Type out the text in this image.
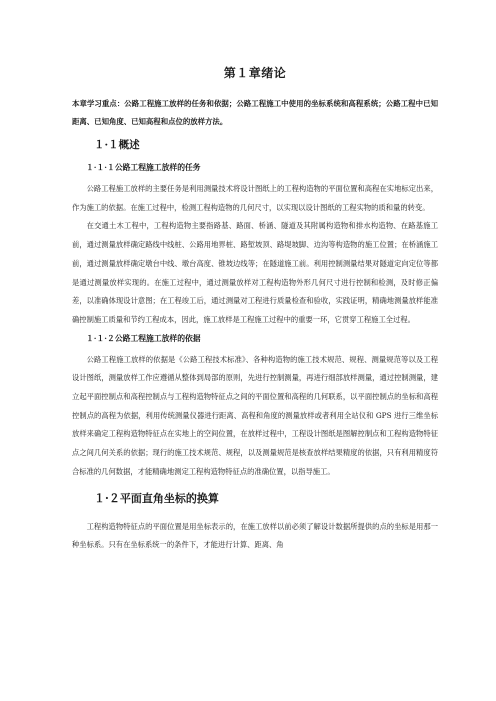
第１章绪论

本章学习重点：公路工程施工放样的任务和依据；公路工程施工中使用的坐标系统和高程系统；公路工程中已知距离、已知角度、已知高程和点位的放样方法。

１·１概述
１·１·１公路工程施工放样的任务

公路工程施工放样的主要任务是利用测量技术将设计图纸上的工程构造物的平面位置和高程在实地标定出来，作为施工的依据。在施工过程中，检测工程构造物的几何尺寸，以实现以设计图纸的工程实物的质和量的转变。

在交通土木工程中，工程构造物主要指路基、路面、桥涵、隧道及其附属构造物和排水构造物、在路基施工前，通过测量放样确定路线中线桩、公路用地界桩、路堑坡顶、路堤坡脚、边沟等构造物的施工位置；在桥涵施工前，通过测量放样确定墩台中线、墩台高度、锥坡边线等；在隧道施工前。利用控制测量结果对隧道定向定位等都是通过测量放样实现的。在施工过程中，通过测量放样对工程构造物外形几何尺寸进行控制和检测，及时修正偏差，以准确体现设计意图；在工程竣工后，通过测量对工程进行质量检查和验收，实践证明，精确地测量放样能准确控制施工质量和节约工程成本，因此，施工放样是工程施工过程中的重要一环，它贯穿工程施工全过程。

１·１·２公路工程施工放样的依据

公路工程施工放样的依据是《公路工程技术标准》、各种构造物的施工技术规范、规程、测量规范等以及工程设计图纸，测量放样工作应遵循从整体到局部的原则，先进行控制测量，再进行细部放样测量，通过控制测量，建立起平面控制点和高程控制点与工程构造物特征点之间的平面位置和高程的几何联系，以平面控制点的坐标和高程控制点的高程为依据，利用传统测量仪器进行距离、高程和角度的测量放样或者利用全站仪和 GPS 进行三维坐标放样来确定工程构造物特征点在实地上的空间位置，在放样过程中，工程设计图纸是图解控制点和工程构造物特征点之间几何关系的依据；现行的施工技术规范、规程，以及测量规范是核查放样结果精度的依据，只有利用精度符合标准的几何数据，才能精确地测定工程构造物特征点的准确位置，以指导施工。

１·２平面直角坐标的换算

工程构造物特征点的平面位置是用坐标表示的，在施工放样以前必须了解设计数据所提供的点的坐标是用那一种坐标系。只有在坐标系统一的条件下，才能进行计算、距离、角
